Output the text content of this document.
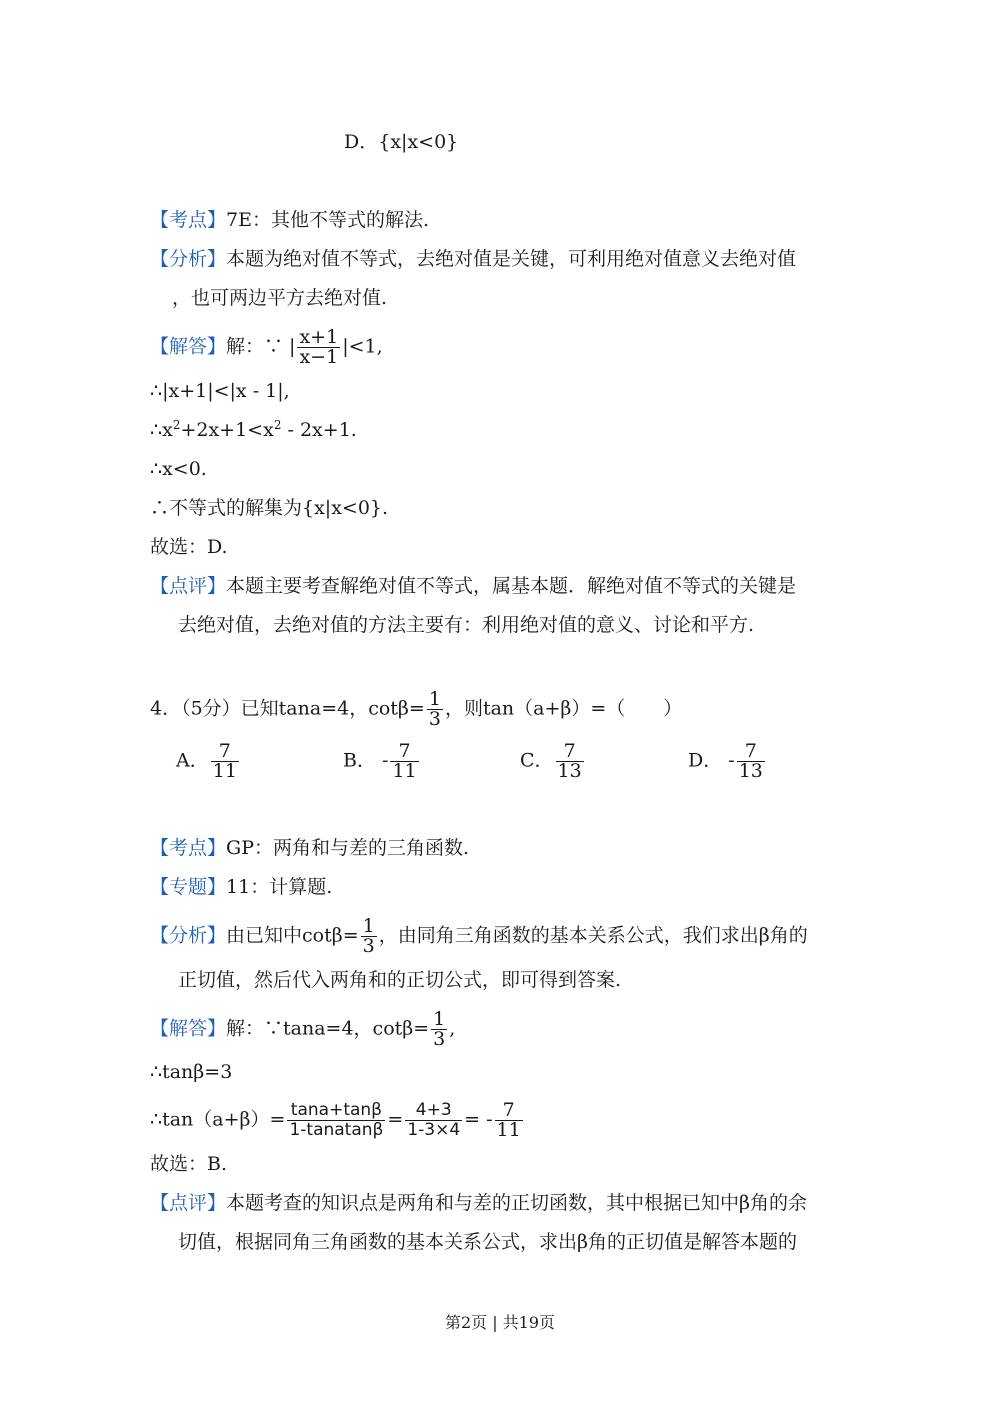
D．{x|x<0}
【考点】7E：其他不等式的解法.
【分析】本题为绝对值不等式，去绝对值是关键，可利用绝对值意义去绝对值
，也可两边平方去绝对值.
【解答】解：∵ | $\frac{x+1}{x-1} |<1$,
∴|x+1|<|x - 1|,
$\therefore x^2+2x+1<x^2 - 2x+1$.
∴x<0.
∴不等式的解集为{x|x<0}.
故选：D.
【点评】本题主要考查解绝对值不等式，属基本题．解绝对值不等式的关键是
去绝对值，去绝对值的方法主要有：利用绝对值的意义、讨论和平方.
4．（5分）已知tana=4，$\cot\beta= \frac{1}{3}$ ，则tan（a+β）=（　　）
A． $\frac{7}{11}$	B． - $\frac{7}{11}$	C． $\frac{7}{13}$	D． - $\frac{7}{13}$
【考点】GP：两角和与差的三角函数.
【专题】11：计算题.
【分析】由已知中$\cot\beta= \frac{1}{3}$ ，由同角三角函数的基本关系公式，我们求出β角的
正切值，然后代入两角和的正切公式，即可得到答案.
【解答】解：∵tana=4，$\cot\beta= \frac{1}{3}$ ,
∴tanβ=3
∴tan（a+β）= $\frac{\tan a+\tan\beta}{\text{1-tanatanβ}} = \frac{4+3}{1-3\times 4}$ = - $\frac{7}{11}$
故选：B.
【点评】本题考查的知识点是两角和与差的正切函数，其中根据已知中β角的余
切值，根据同角三角函数的基本关系公式，求出β角的正切值是解答本题的
第2页 | 共19页
